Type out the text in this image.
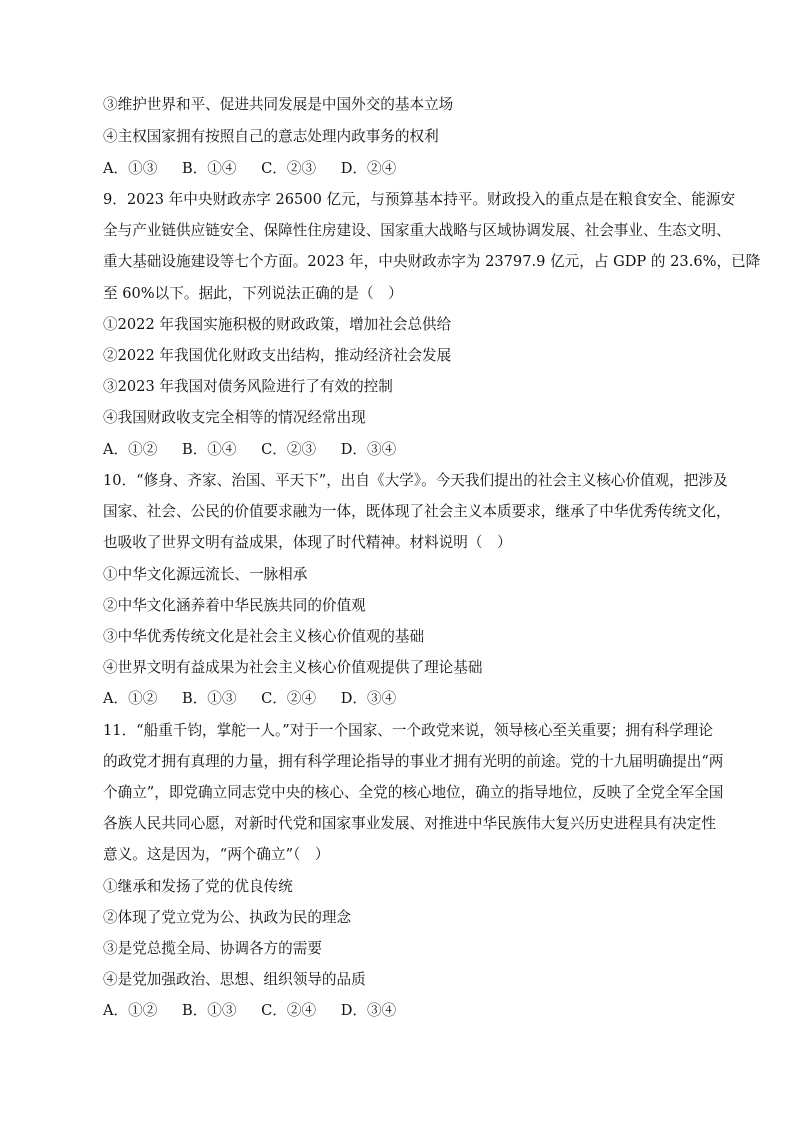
③维护世界和平、促进共同发展是中国外交的基本立场
④主权国家拥有按照自己的意志处理内政事务的权利
A．①③ B．①④ C．②③ D．②④
9．2023 年中央财政赤字 26500 亿元，与预算基本持平。财政投入的重点是在粮食安全、能源安
全与产业链供应链安全、保障性住房建设、国家重大战略与区域协调发展、社会事业、生态文明、
重大基础设施建设等七个方面。2023 年，中央财政赤字为 23797.9 亿元，占 GDP 的 23.6%，已降
至 60%以下。据此，下列说法正确的是（　）
①2022 年我国实施积极的财政政策，增加社会总供给
②2022 年我国优化财政支出结构，推动经济社会发展
③2023 年我国对债务风险进行了有效的控制
④我国财政收支完全相等的情况经常出现
A．①② B．①④ C．②③ D．③④
10．“修身、齐家、治国、平天下”，出自《大学》。今天我们提出的社会主义核心价值观，把涉及
国家、社会、公民的价值要求融为一体，既体现了社会主义本质要求，继承了中华优秀传统文化，
也吸收了世界文明有益成果，体现了时代精神。材料说明（　）
①中华文化源远流长、一脉相承
②中华文化涵养着中华民族共同的价值观
③中华优秀传统文化是社会主义核心价值观的基础
④世界文明有益成果为社会主义核心价值观提供了理论基础
A．①② B．①③ C．②④ D．③④
11．“船重千钧，掌舵一人。”对于一个国家、一个政党来说，领导核心至关重要；拥有科学理论
的政党才拥有真理的力量，拥有科学理论指导的事业才拥有光明的前途。党的十九届明确提出“两
个确立”，即党确立同志党中央的核心、全党的核心地位，确立的指导地位，反映了全党全军全国
各族人民共同心愿，对新时代党和国家事业发展、对推进中华民族伟大复兴历史进程具有决定性
意义。这是因为，“两个确立”（　）
①继承和发扬了党的优良传统
②体现了党立党为公、执政为民的理念
③是党总揽全局、协调各方的需要
④是党加强政治、思想、组织领导的品质
A．①② B．①③ C．②④ D．③④
